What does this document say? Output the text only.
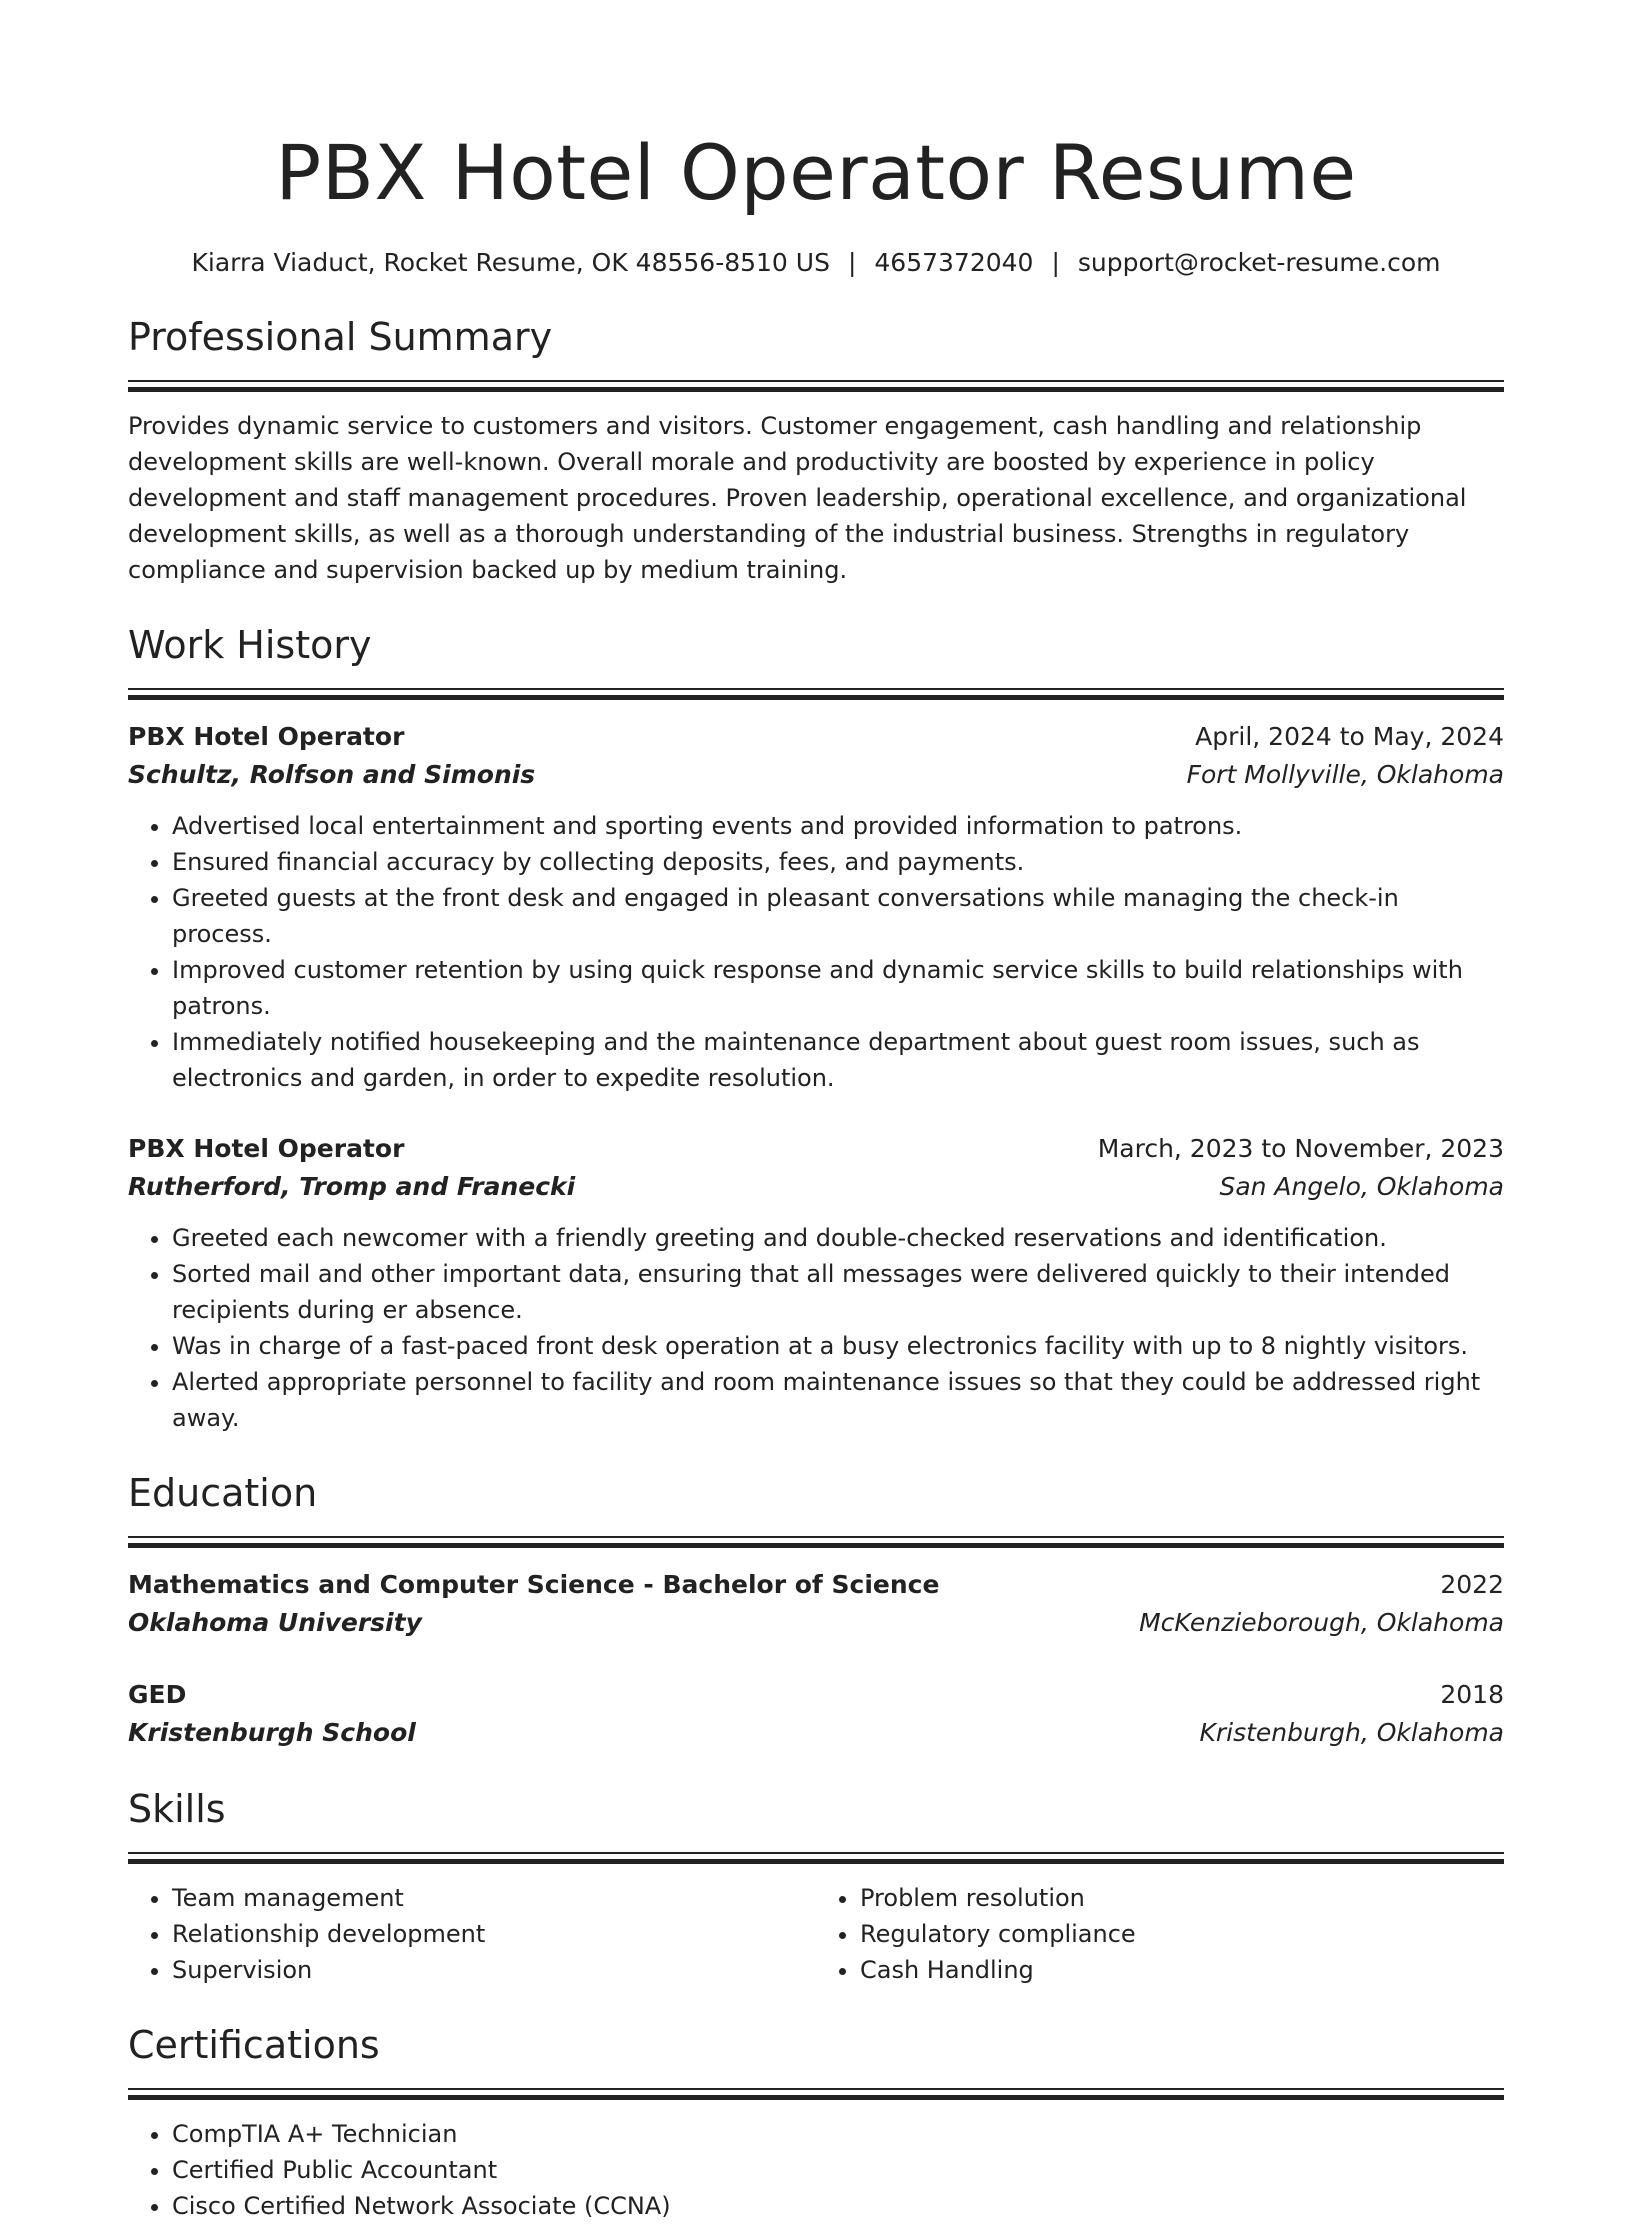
PBX Hotel Operator Resume
Kiarra Viaduct, Rocket Resume, OK 48556-8510 US | 4657372040 | support@rocket-resume.com
Professional Summary
Provides dynamic service to customers and visitors. Customer engagement, cash handling and relationship development skills are well-known. Overall morale and productivity are boosted by experience in policy development and staff management procedures. Proven leadership, operational excellence, and organizational development skills, as well as a thorough understanding of the industrial business. Strengths in regulatory compliance and supervision backed up by medium training.
Work History
PBX Hotel Operator	April, 2024 to May, 2024
Schultz, Rolfson and Simonis	Fort Mollyville, Oklahoma
• Advertised local entertainment and sporting events and provided information to patrons.
• Ensured financial accuracy by collecting deposits, fees, and payments.
• Greeted guests at the front desk and engaged in pleasant conversations while managing the check-in process.
• Improved customer retention by using quick response and dynamic service skills to build relationships with patrons.
• Immediately notified housekeeping and the maintenance department about guest room issues, such as electronics and garden, in order to expedite resolution.
PBX Hotel Operator	March, 2023 to November, 2023
Rutherford, Tromp and Franecki	San Angelo, Oklahoma
• Greeted each newcomer with a friendly greeting and double-checked reservations and identification.
• Sorted mail and other important data, ensuring that all messages were delivered quickly to their intended recipients during er absence.
• Was in charge of a fast-paced front desk operation at a busy electronics facility with up to 8 nightly visitors.
• Alerted appropriate personnel to facility and room maintenance issues so that they could be addressed right away.
Education
Mathematics and Computer Science - Bachelor of Science	2022
Oklahoma University	McKenzieborough, Oklahoma
GED	2018
Kristenburgh School	Kristenburgh, Oklahoma
Skills
• Team management
• Relationship development
• Supervision
• Problem resolution
• Regulatory compliance
• Cash Handling
Certifications
• CompTIA A+ Technician
• Certified Public Accountant
• Cisco Certified Network Associate (CCNA)
